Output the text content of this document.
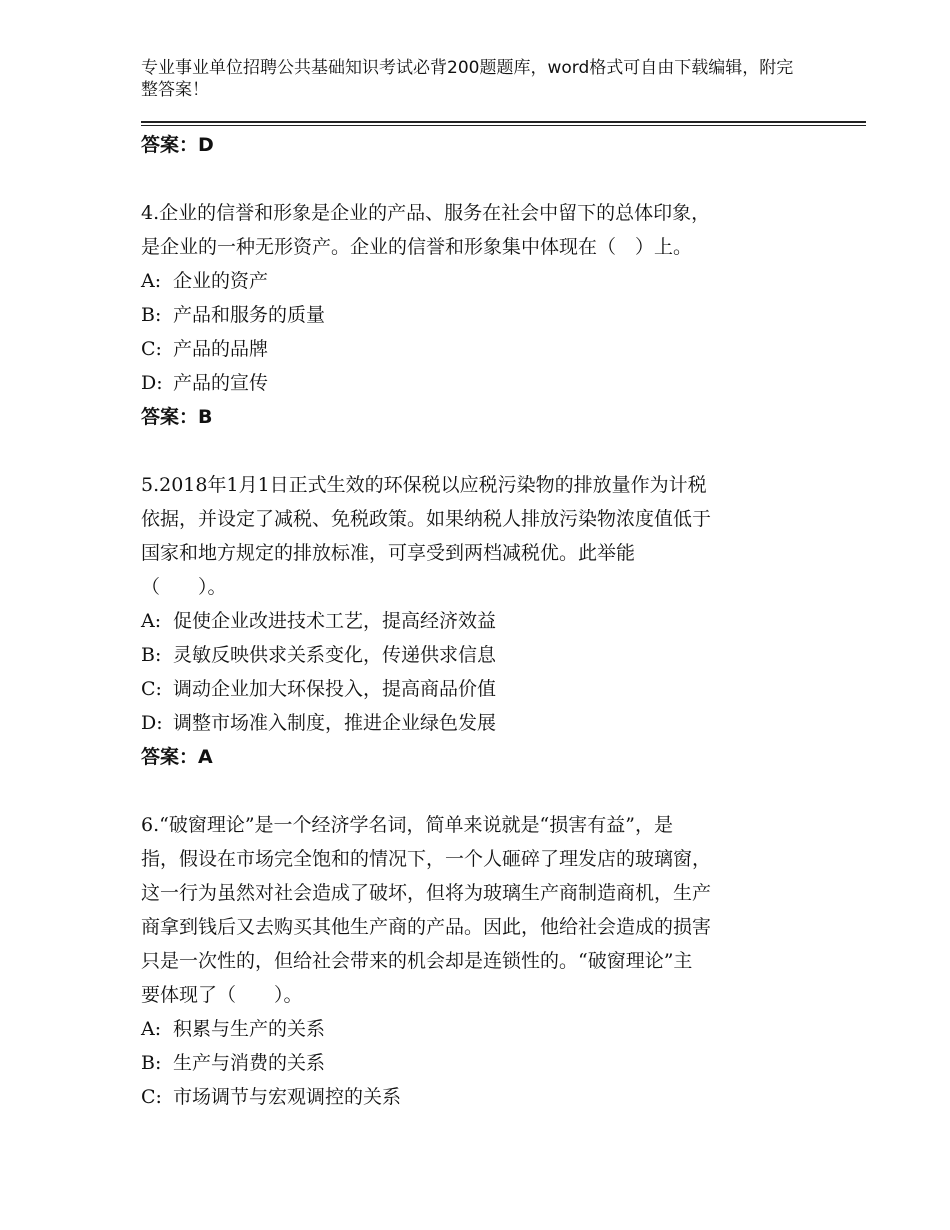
专业事业单位招聘公共基础知识考试必背200题题库，word格式可自由下载编辑，附完整答案！
答案：D
4.企业的信誉和形象是企业的产品、服务在社会中留下的总体印象，
是企业的一种无形资产。企业的信誉和形象集中体现在（　）上。
A: 企业的资产
B: 产品和服务的质量
C: 产品的品牌
D: 产品的宣传
答案：B
5.2018年1月1日正式生效的环保税以应税污染物的排放量作为计税
依据，并设定了减税、免税政策。如果纳税人排放污染物浓度值低于
国家和地方规定的排放标准，可享受到两档减税优。此举能
（　　）。
A: 促使企业改进技术工艺，提高经济效益
B: 灵敏反映供求关系变化，传递供求信息
C: 调动企业加大环保投入，提高商品价值
D: 调整市场准入制度，推进企业绿色发展
答案：A
6.“破窗理论”是一个经济学名词，简单来说就是“损害有益”，是
指，假设在市场完全饱和的情况下，一个人砸碎了理发店的玻璃窗，
这一行为虽然对社会造成了破坏，但将为玻璃生产商制造商机，生产
商拿到钱后又去购买其他生产商的产品。因此，他给社会造成的损害
只是一次性的，但给社会带来的机会却是连锁性的。“破窗理论”主
要体现了（　　）。
A: 积累与生产的关系
B: 生产与消费的关系
C: 市场调节与宏观调控的关系
